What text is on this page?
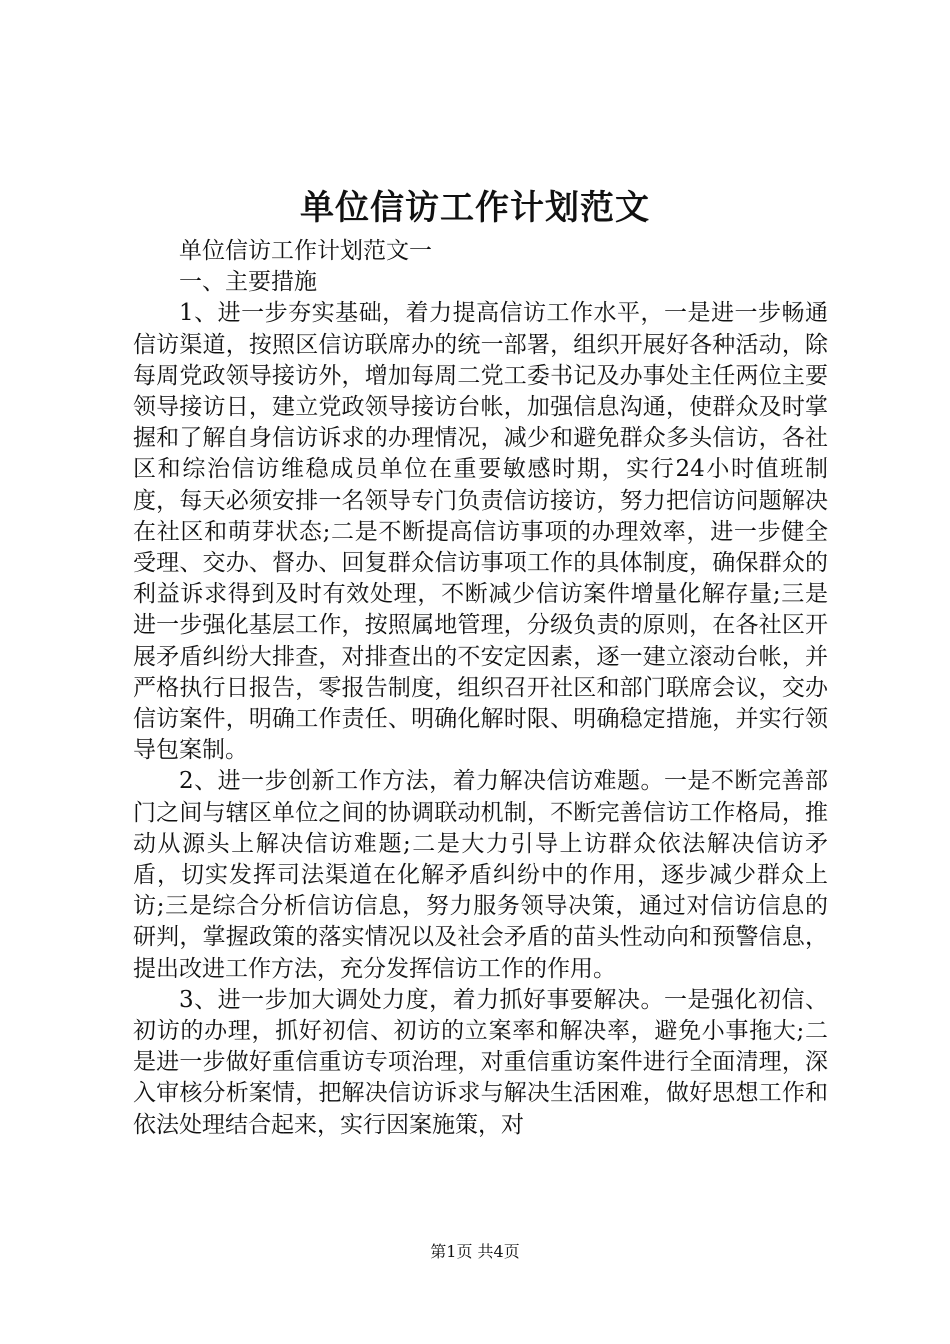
单位信访工作计划范文

单位信访工作计划范文一

一、主要措施

1、进一步夯实基础，着力提高信访工作水平，一是进一步畅通信访渠道，按照区信访联席办的统一部署，组织开展好各种活动，除每周党政领导接访外，增加每周二党工委书记及办事处主任两位主要领导接访日，建立党政领导接访台帐，加强信息沟通，使群众及时掌握和了解自身信访诉求的办理情况，减少和避免群众多头信访，各社区和综治信访维稳成员单位在重要敏感时期，实行24小时值班制度，每天必须安排一名领导专门负责信访接访，努力把信访问题解决在社区和萌芽状态;二是不断提高信访事项的办理效率，进一步健全受理、交办、督办、回复群众信访事项工作的具体制度，确保群众的利益诉求得到及时有效处理，不断减少信访案件增量化解存量;三是进一步强化基层工作，按照属地管理，分级负责的原则，在各社区开展矛盾纠纷大排查，对排查出的不安定因素，逐一建立滚动台帐，并严格执行日报告，零报告制度，组织召开社区和部门联席会议，交办信访案件，明确工作责任、明确化解时限、明确稳定措施，并实行领导包案制。

2、进一步创新工作方法，着力解决信访难题。一是不断完善部门之间与辖区单位之间的协调联动机制，不断完善信访工作格局，推动从源头上解决信访难题;二是大力引导上访群众依法解决信访矛盾，切实发挥司法渠道在化解矛盾纠纷中的作用，逐步减少群众上访;三是综合分析信访信息，努力服务领导决策，通过对信访信息的研判，掌握政策的落实情况以及社会矛盾的苗头性动向和预警信息，提出改进工作方法，充分发挥信访工作的作用。

3、进一步加大调处力度，着力抓好事要解决。一是强化初信、初访的办理，抓好初信、初访的立案率和解决率，避免小事拖大;二是进一步做好重信重访专项治理，对重信重访案件进行全面清理，深入审核分析案情，把解决信访诉求与解决生活困难，做好思想工作和依法处理结合起来，实行因案施策，对

第1页 共4页
